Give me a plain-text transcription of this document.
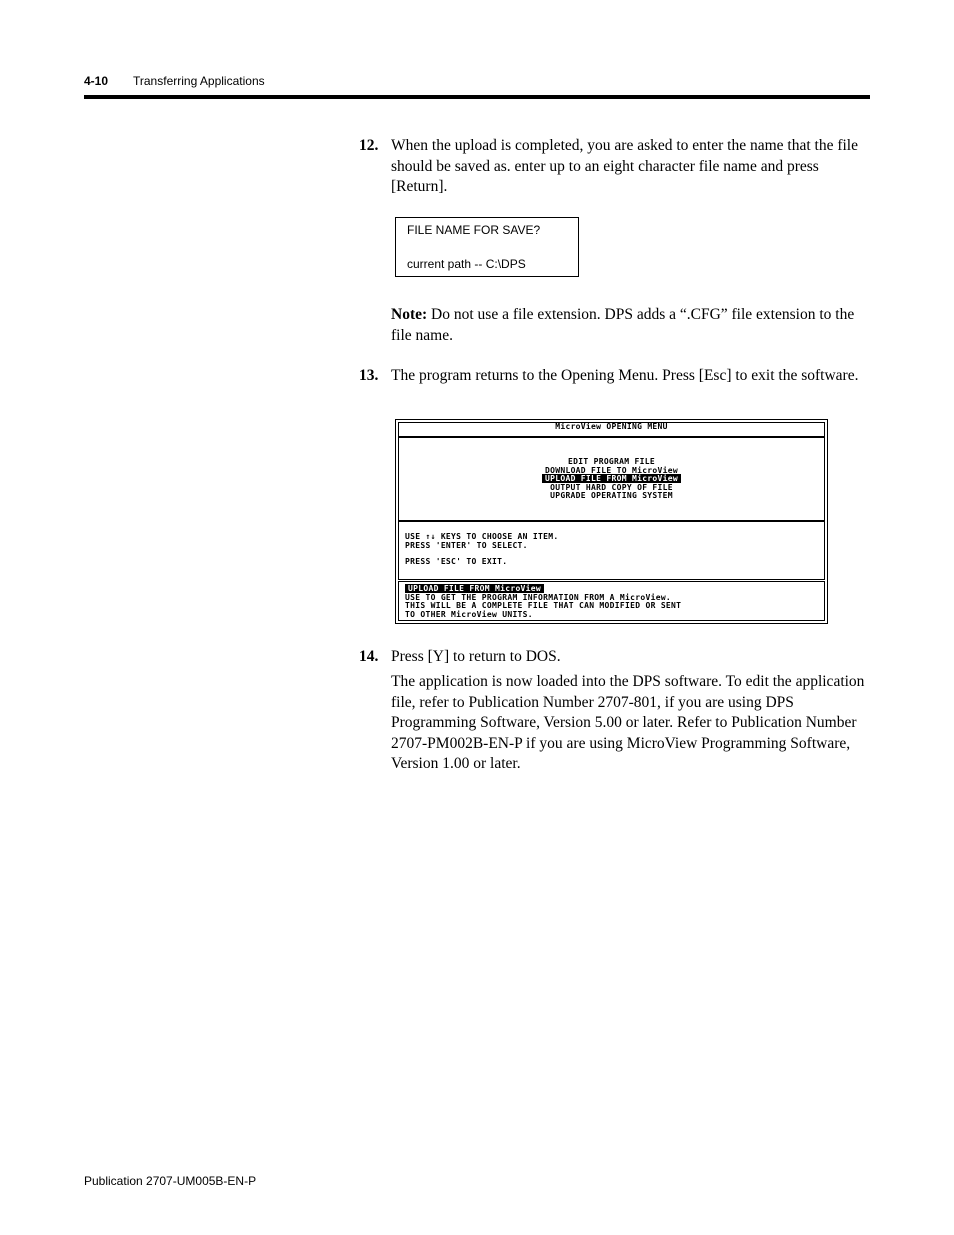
4-10 Transferring Applications
12. When the upload is completed, you are asked to enter the name that the file should be saved as. enter up to an eight character file name and press [Return].
FILE NAME FOR SAVE?
current path -- C:\DPS
Note: Do not use a file extension. DPS adds a “.CFG” file extension to the file name.
13. The program returns to the Opening Menu. Press [Esc] to exit the software.
MicroView OPENING MENU
EDIT PROGRAM FILE
DOWNLOAD FILE TO MicroView
UPLOAD FILE FROM MicroView
OUTPUT HARD COPY OF FILE
UPGRADE OPERATING SYSTEM
USE ↑↓ KEYS TO CHOOSE AN ITEM.
PRESS 'ENTER' TO SELECT.
PRESS 'ESC' TO EXIT.
UPLOAD FILE FROM MicroView
USE TO GET THE PROGRAM INFORMATION FROM A MicroView.
THIS WILL BE A COMPLETE FILE THAT CAN MODIFIED OR SENT
TO OTHER MicroView UNITS.
14. Press [Y] to return to DOS.
The application is now loaded into the DPS software. To edit the application file, refer to Publication Number 2707-801, if you are using DPS Programming Software, Version 5.00 or later. Refer to Publication Number 2707-PM002B-EN-P if you are using MicroView Programming Software, Version 1.00 or later.
Publication 2707-UM005B-EN-P
